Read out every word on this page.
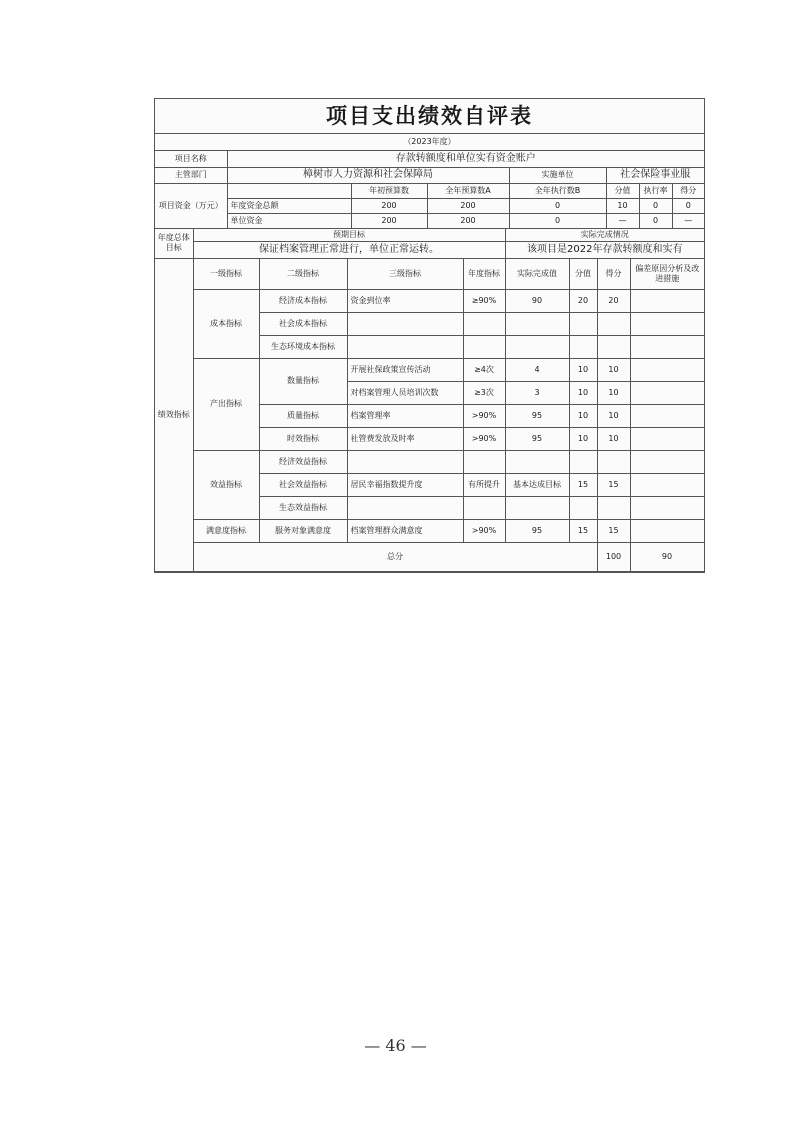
项目支出绩效自评表
（2023年度）
项目名称	存款转额度和单位实有资金账户						
主管部门	樟树市人力资源和社会保障局			实施单位	社会保险事业服		
项目资金（万元）		年初预算数	全年预算数A	全年执行数B	分值	执行率	得分
	年度资金总额	200	200	0	10	0	0
	单位资金	200	200	0	—	0	—
年度总体目标	预期目标	实际完成情况
	保证档案管理正常进行，单位正常运转。	该项目是2022年存款转额度和实有
绩效指标	一级指标	二级指标	三级指标	年度指标	实际完成值	分值	得分	偏差原因分析及改进措施	
	成本指标	经济成本指标	资金到位率	≥90%	90	20	20		
		社会成本指标							
		生态环境成本指标							
	产出指标	数量指标	开展社保政策宣传活动	≥4次	4	10	10		
			对档案管理人员培训次数	≥3次	3	10	10		
		质量指标	档案管理率	>90%	95	10	10		
		时效指标	社管费发放及时率	>90%	95	10	10		
	效益指标	经济效益指标							
		社会效益指标	居民幸福指数提升度	有所提升	基本达成目标	15	15		
		生态效益指标							
	满意度指标	服务对象满意度	档案管理群众满意度	>90%	95	15	15		
	总分						100	90	
— 46 —
